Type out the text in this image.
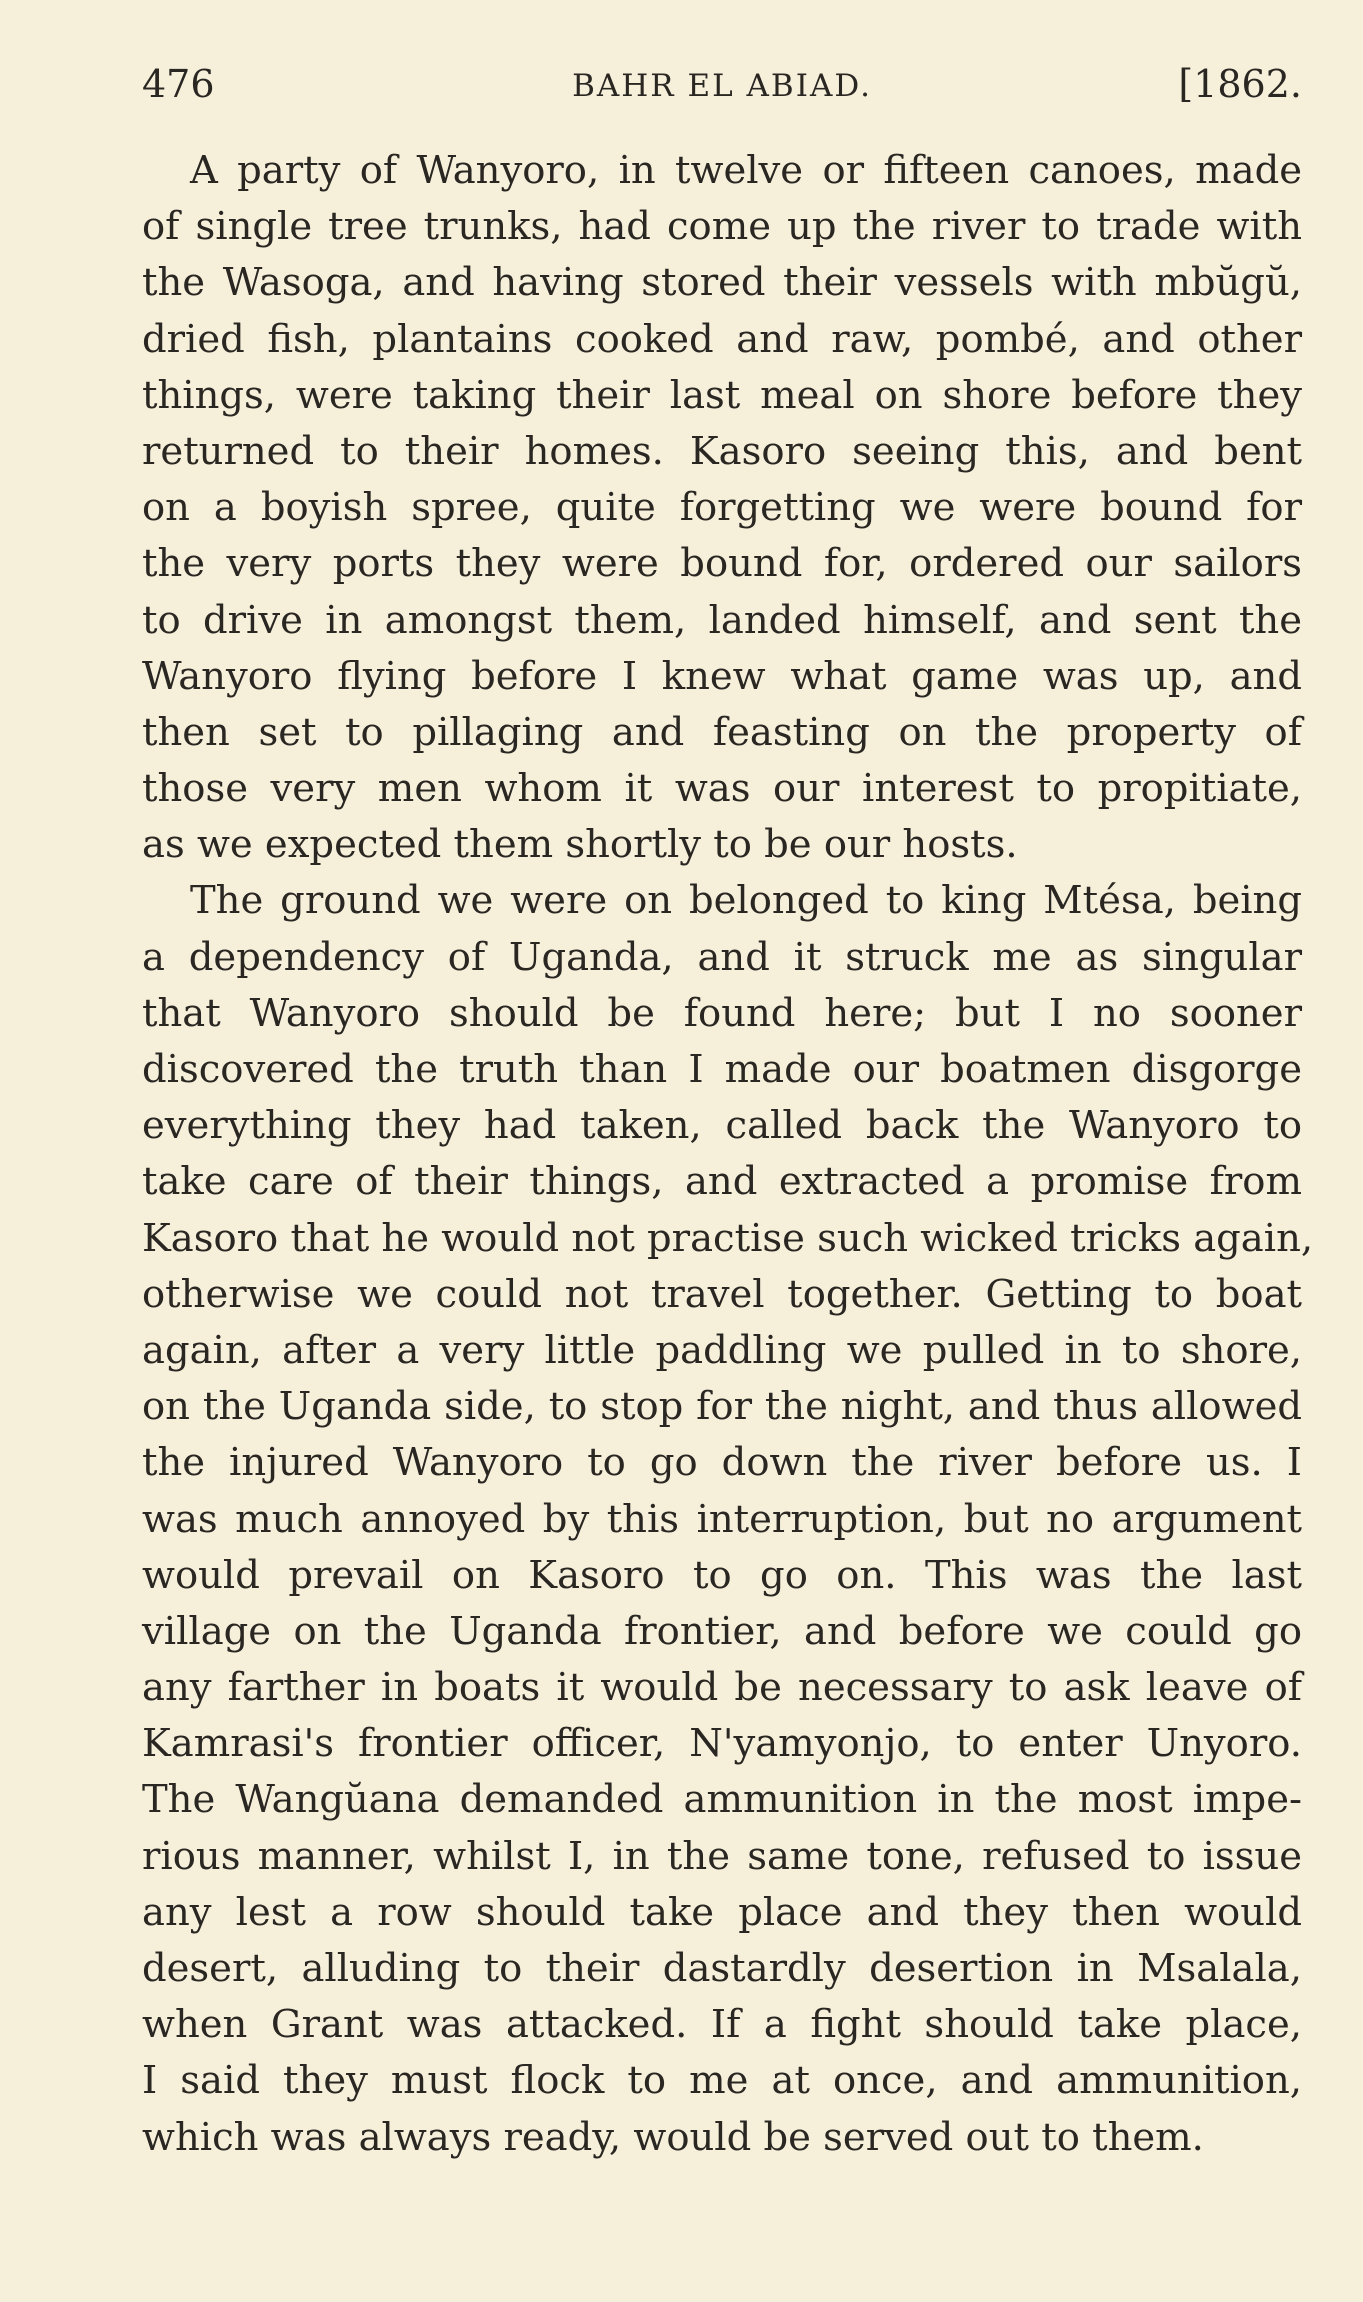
476	BAHR EL ABIAD.	[1862.
A party of Wanyoro, in twelve or fifteen canoes, made
of single tree trunks, had come up the river to trade with
the Wasoga, and having stored their vessels with mbŭgŭ,
dried fish, plantains cooked and raw, pombé, and other
things, were taking their last meal on shore before they
returned to their homes. Kasoro seeing this, and bent
on a boyish spree, quite forgetting we were bound for
the very ports they were bound for, ordered our sailors
to drive in amongst them, landed himself, and sent the
Wanyoro flying before I knew what game was up, and
then set to pillaging and feasting on the property of
those very men whom it was our interest to propitiate,
as we expected them shortly to be our hosts.
The ground we were on belonged to king Mtésa, being
a dependency of Uganda, and it struck me as singular
that Wanyoro should be found here; but I no sooner
discovered the truth than I made our boatmen disgorge
everything they had taken, called back the Wanyoro to
take care of their things, and extracted a promise from
Kasoro that he would not practise such wicked tricks again,
otherwise we could not travel together. Getting to boat
again, after a very little paddling we pulled in to shore,
on the Uganda side, to stop for the night, and thus allowed
the injured Wanyoro to go down the river before us. I
was much annoyed by this interruption, but no argument
would prevail on Kasoro to go on. This was the last
village on the Uganda frontier, and before we could go
any farther in boats it would be necessary to ask leave of
Kamrasi's frontier officer, N'yamyonjo, to enter Unyoro.
The Wangŭana demanded ammunition in the most impe-
rious manner, whilst I, in the same tone, refused to issue
any lest a row should take place and they then would
desert, alluding to their dastardly desertion in Msalala,
when Grant was attacked. If a fight should take place,
I said they must flock to me at once, and ammunition,
which was always ready, would be served out to them.
